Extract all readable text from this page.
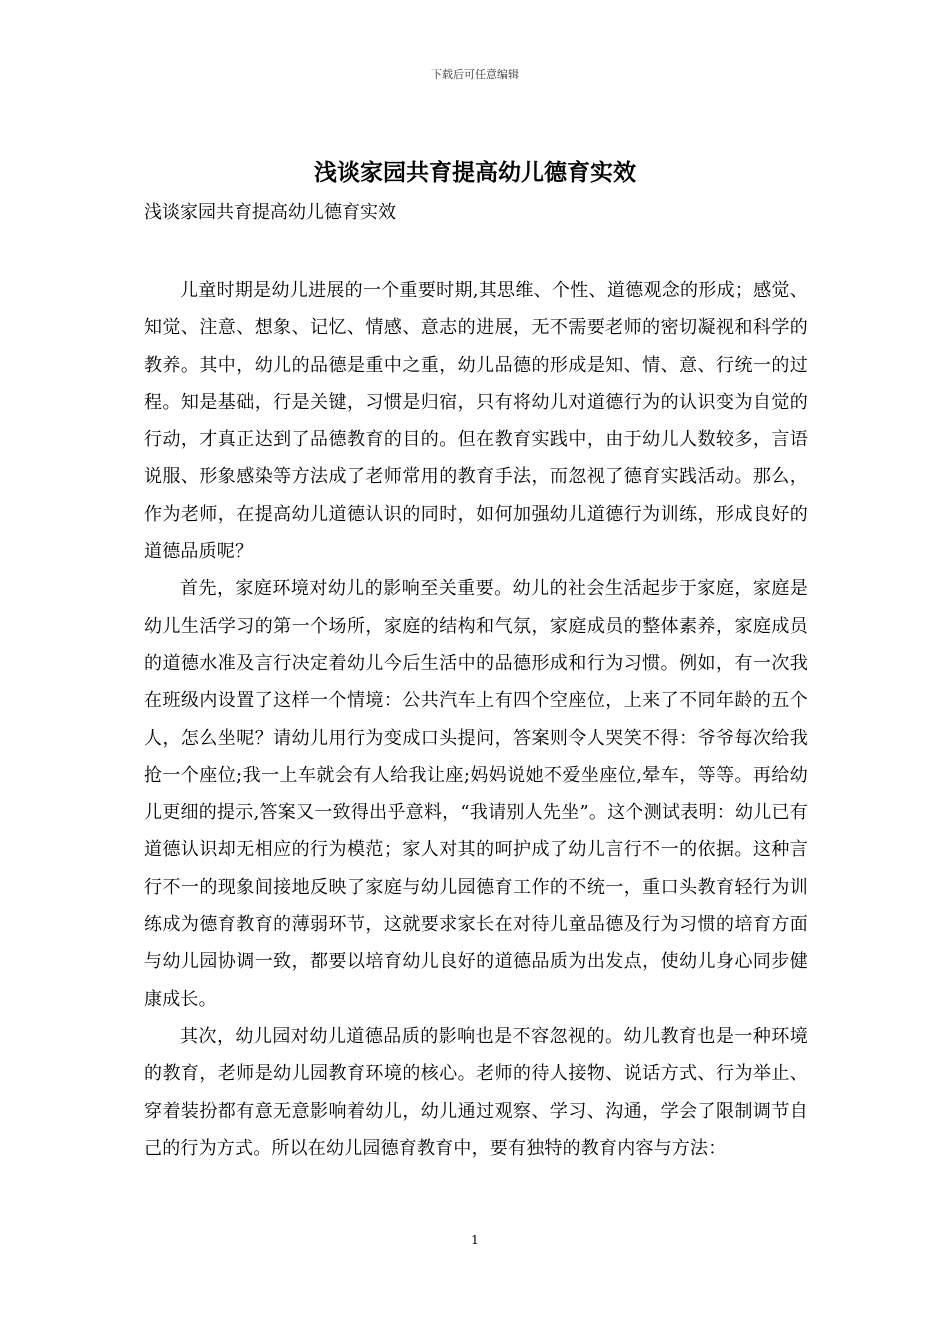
下载后可任意编辑
浅谈家园共育提高幼儿德育实效
浅谈家园共育提高幼儿德育实效

儿童时期是幼儿进展的一个重要时期,其思维、个性、道德观念的形成；感觉、知觉、注意、想象、记忆、情感、意志的进展，无不需要老师的密切凝视和科学的教养。其中，幼儿的品德是重中之重，幼儿品德的形成是知、情、意、行统一的过程。知是基础，行是关键，习惯是归宿，只有将幼儿对道德行为的认识变为自觉的行动，才真正达到了品德教育的目的。但在教育实践中，由于幼儿人数较多，言语说服、形象感染等方法成了老师常用的教育手法，而忽视了德育实践活动。那么，作为老师，在提高幼儿道德认识的同时，如何加强幼儿道德行为训练，形成良好的道德品质呢？

首先，家庭环境对幼儿的影响至关重要。幼儿的社会生活起步于家庭，家庭是幼儿生活学习的第一个场所，家庭的结构和气氛，家庭成员的整体素养，家庭成员的道德水准及言行决定着幼儿今后生活中的品德形成和行为习惯。例如，有一次我在班级内设置了这样一个情境：公共汽车上有四个空座位，上来了不同年龄的五个人，怎么坐呢？请幼儿用行为变成口头提问，答案则令人哭笑不得：爷爷每次给我抢一个座位;我一上车就会有人给我让座;妈妈说她不爱坐座位,晕车，等等。再给幼儿更细的提示,答案又一致得出乎意料，“我请别人先坐”。这个测试表明：幼儿已有道德认识却无相应的行为模范；家人对其的呵护成了幼儿言行不一的依据。这种言行不一的现象间接地反映了家庭与幼儿园德育工作的不统一，重口头教育轻行为训练成为德育教育的薄弱环节，这就要求家长在对待儿童品德及行为习惯的培育方面与幼儿园协调一致，都要以培育幼儿良好的道德品质为出发点，使幼儿身心同步健康成长。

其次，幼儿园对幼儿道德品质的影响也是不容忽视的。幼儿教育也是一种环境的教育，老师是幼儿园教育环境的核心。老师的待人接物、说话方式、行为举止、穿着装扮都有意无意影响着幼儿，幼儿通过观察、学习、沟通，学会了限制调节自己的行为方式。所以在幼儿园德育教育中，要有独特的教育内容与方法：

1
